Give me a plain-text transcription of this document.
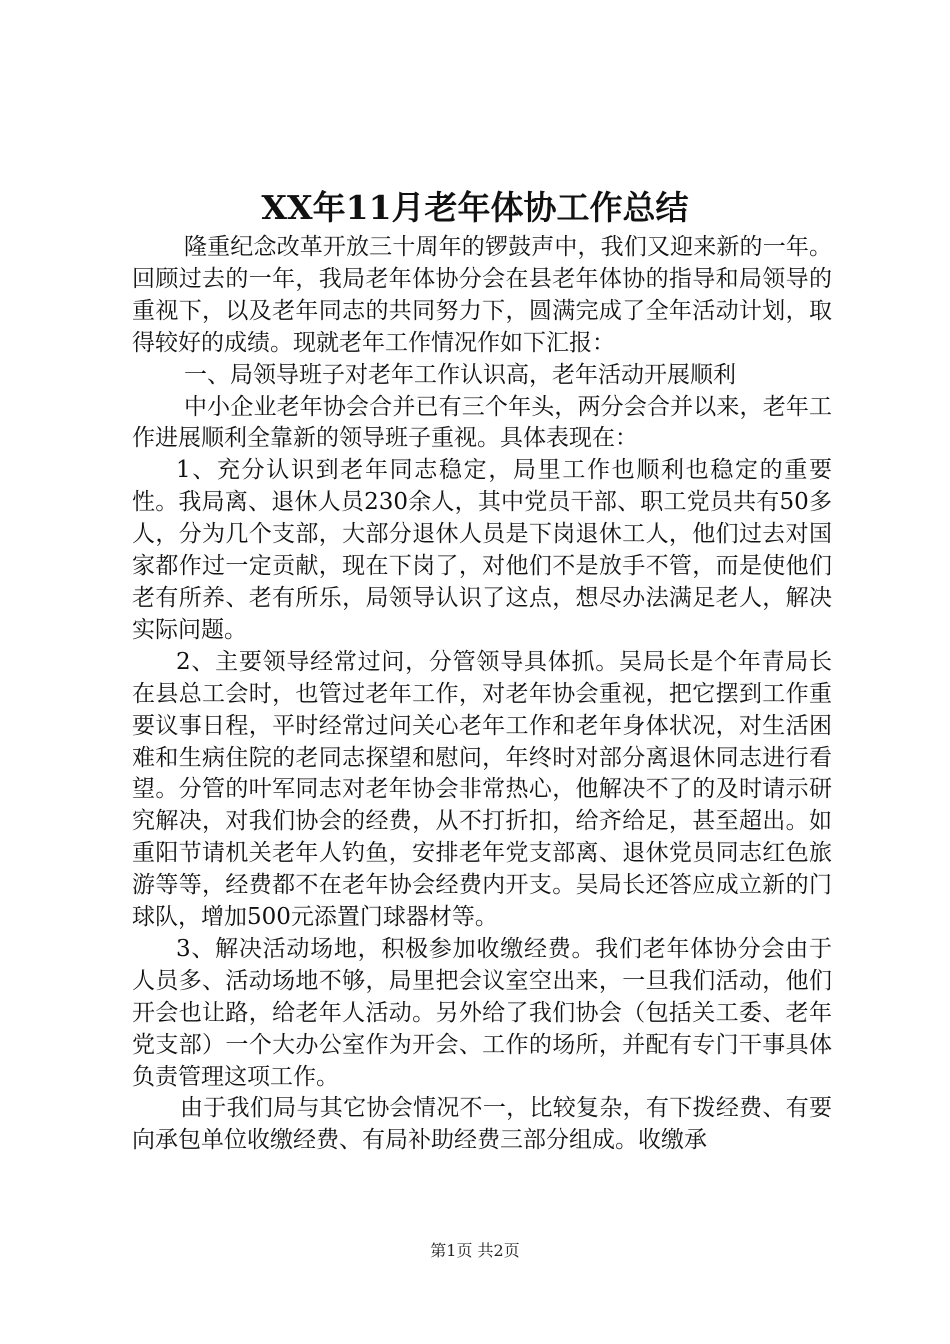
XX年11月老年体协工作总结

隆重纪念改革开放三十周年的锣鼓声中，我们又迎来新的一年。回顾过去的一年，我局老年体协分会在县老年体协的指导和局领导的重视下，以及老年同志的共同努力下，圆满完成了全年活动计划，取得较好的成绩。现就老年工作情况作如下汇报：

一、局领导班子对老年工作认识高，老年活动开展顺利

中小企业老年协会合并已有三个年头，两分会合并以来，老年工作进展顺利全靠新的领导班子重视。具体表现在：

1、充分认识到老年同志稳定，局里工作也顺利也稳定的重要性。我局离、退休人员230余人，其中党员干部、职工党员共有50多人，分为几个支部，大部分退休人员是下岗退休工人，他们过去对国家都作过一定贡献，现在下岗了，对他们不是放手不管，而是使他们老有所养、老有所乐，局领导认识了这点，想尽办法满足老人，解决实际问题。

2、主要领导经常过问，分管领导具体抓。吴局长是个年青局长在县总工会时，也管过老年工作，对老年协会重视，把它摆到工作重要议事日程，平时经常过问关心老年工作和老年身体状况，对生活困难和生病住院的老同志探望和慰问，年终时对部分离退休同志进行看望。分管的叶军同志对老年协会非常热心，他解决不了的及时请示研究解决，对我们协会的经费，从不打折扣，给齐给足，甚至超出。如重阳节请机关老年人钓鱼，安排老年党支部离、退休党员同志红色旅游等等，经费都不在老年协会经费内开支。吴局长还答应成立新的门球队，增加500元添置门球器材等。

3、解决活动场地，积极参加收缴经费。我们老年体协分会由于人员多、活动场地不够，局里把会议室空出来，一旦我们活动，他们开会也让路，给老年人活动。另外给了我们协会（包括关工委、老年党支部）一个大办公室作为开会、工作的场所，并配有专门干事具体负责管理这项工作。

由于我们局与其它协会情况不一，比较复杂，有下拨经费、有要向承包单位收缴经费、有局补助经费三部分组成。收缴承

第1页 共2页
